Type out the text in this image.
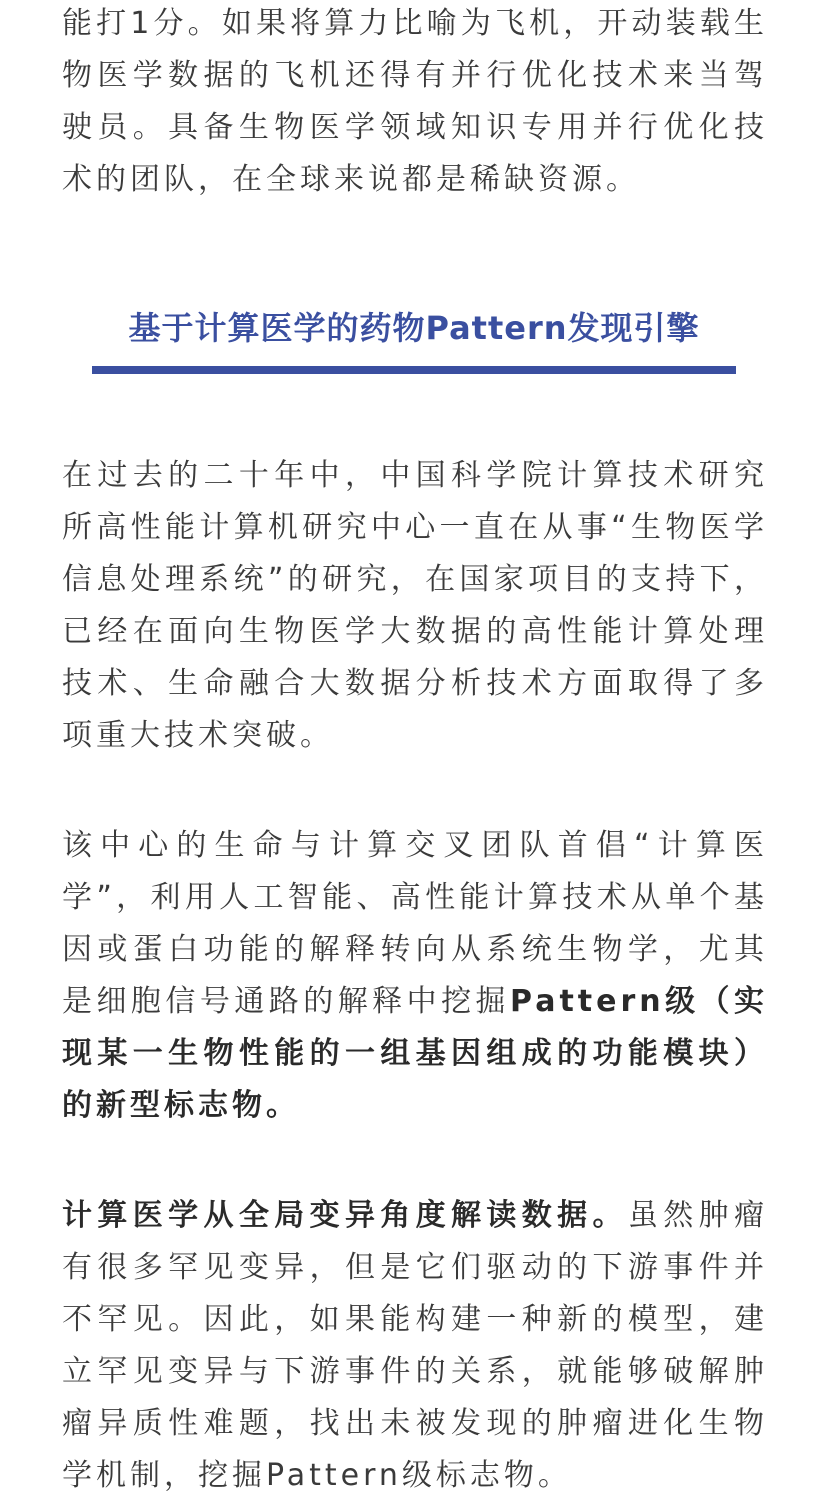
能打1分。如果将算力比喻为飞机，开动装载生物医学数据的飞机还得有并行优化技术来当驾驶员。具备生物医学领域知识专用并行优化技术的团队，在全球来说都是稀缺资源。

基于计算医学的药物Pattern发现引擎

在过去的二十年中，中国科学院计算技术研究所高性能计算机研究中心一直在从事“生物医学信息处理系统”的研究，在国家项目的支持下，已经在面向生物医学大数据的高性能计算处理技术、生命融合大数据分析技术方面取得了多项重大技术突破。

该中心的生命与计算交叉团队首倡“计算医学”，利用人工智能、高性能计算技术从单个基因或蛋白功能的解释转向从系统生物学，尤其是细胞信号通路的解释中挖掘Pattern级（实现某一生物性能的一组基因组成的功能模块）的新型标志物。

计算医学从全局变异角度解读数据。虽然肿瘤有很多罕见变异，但是它们驱动的下游事件并不罕见。因此，如果能构建一种新的模型，建立罕见变异与下游事件的关系，就能够破解肿瘤异质性难题，找出未被发现的肿瘤进化生物学机制，挖掘Pattern级标志物。
